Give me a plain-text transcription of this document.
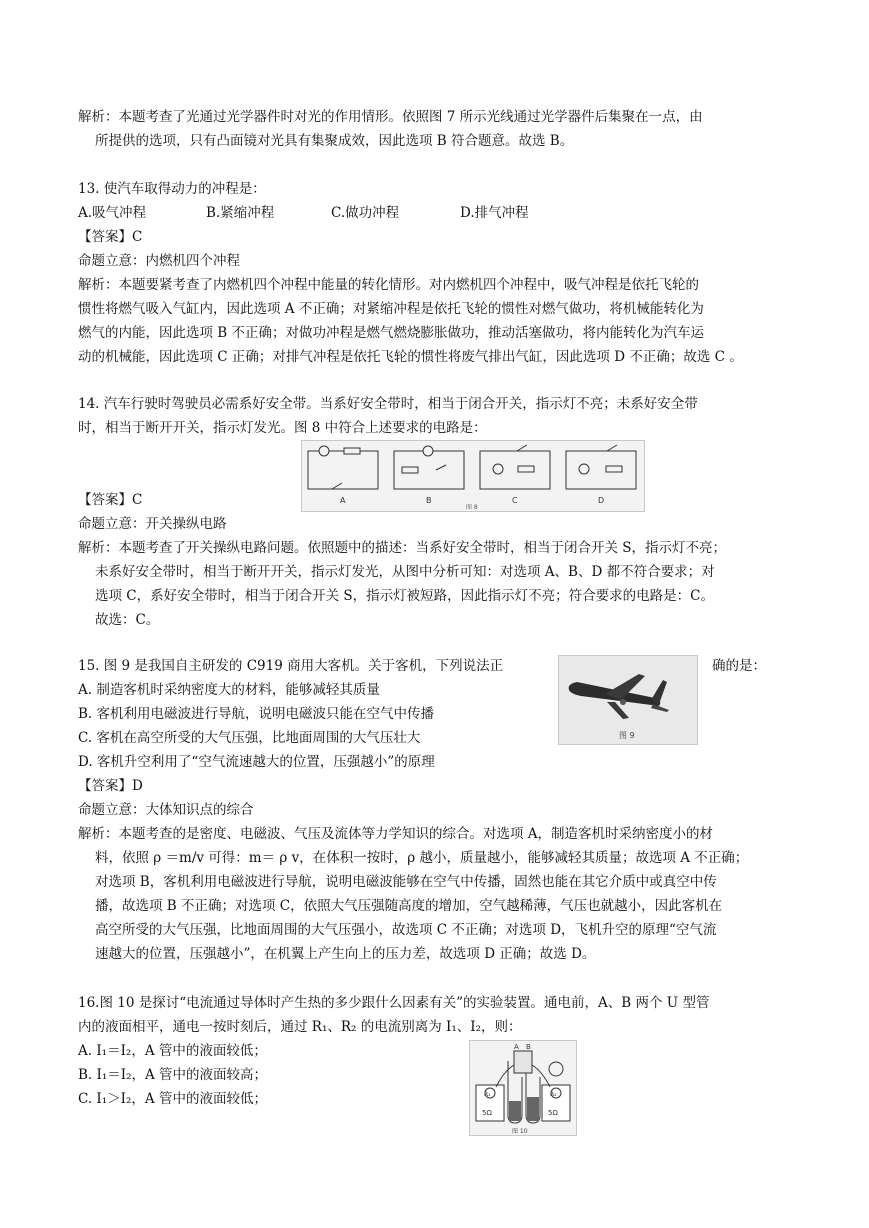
解析：本题考查了光通过光学器件时对光的作用情形。依照图 7 所示光线通过光学器件后集聚在一点，由
所提供的选项，只有凸面镜对光具有集聚成效，因此选项 B 符合题意。故选 B。
13. 使汽车取得动力的冲程是：
A.吸气冲程	B.紧缩冲程	C.做功冲程	D.排气冲程
【答案】C
命题立意：内燃机四个冲程
解析：本题要紧考查了内燃机四个冲程中能量的转化情形。对内燃机四个冲程中，吸气冲程是依托飞轮的
惯性将燃气吸入气缸内，因此选项 A 不正确；对紧缩冲程是依托飞轮的惯性对燃气做功，将机械能转化为
燃气的内能，因此选项 B 不正确；对做功冲程是燃气燃烧膨胀做功，推动活塞做功，将内能转化为汽车运
动的机械能，因此选项 C 正确；对排气冲程是依托飞轮的惯性将废气排出气缸，因此选项 D 不正确；故选 C 。
14. 汽车行驶时驾驶员必需系好安全带。当系好安全带时，相当于闭合开关，指示灯不亮；未系好安全带
时，相当于断开开关，指示灯发光。图 8 中符合上述要求的电路是：
A	B	C	D
图 8
【答案】C
命题立意：开关操纵电路
解析：本题考查了开关操纵电路问题。依照题中的描述：当系好安全带时，相当于闭合开关 S，指示灯不亮；
未系好安全带时，相当于断开开关，指示灯发光，从图中分析可知：对选项 A、B、D 都不符合要求；对
选项 C，系好安全带时，相当于闭合开关 S，指示灯被短路，因此指示灯不亮；符合要求的电路是：C。
故选：C。
15. 图 9 是我国自主研发的 C919 商用大客机。关于客机，下列说法正	确的是：
图 9
A. 制造客机时采纳密度大的材料，能够减轻其质量
B. 客机利用电磁波进行导航，说明电磁波只能在空气中传播
C. 客机在高空所受的大气压强，比地面周围的大气压壮大
D. 客机升空利用了“空气流速越大的位置，压强越小”的原理
【答案】D
命题立意：大体知识点的综合
解析：本题考查的是密度、电磁波、气压及流体等力学知识的综合。对选项 A，制造客机时采纳密度小的材
料，依照 ρ ＝m/v 可得：m＝ ρ v，在体积一按时，ρ 越小，质量越小，能够减轻其质量；故选项 A 不正确；
对选项 B，客机利用电磁波进行导航，说明电磁波能够在空气中传播，固然也能在其它介质中或真空中传
播，故选项 B 不正确；对选项 C，依照大气压强随高度的增加，空气越稀薄，气压也就越小，因此客机在
高空所受的大气压强，比地面周围的大气压强小，故选项 C 不正确；对选项 D，飞机升空的原理“空气流
速越大的位置，压强越小”，在机翼上产生向上的压力差，故选项 D 正确；故选 D。
16.图 10 是探讨“电流通过导体时产生热的多少跟什么因素有关”的实验装置。通电前，A、B 两个 U 型管
内的液面相平，通电一按时刻后，通过 R₁、R₂ 的电流别离为 I₁、I₂，则：
A. I₁＝I₂，A 管中的液面较低；
B. I₁＝I₂，A 管中的液面较高；
C. I₁＞I₂，A 管中的液面较低；
A B
R₁	R₂
5Ω	5Ω
图 10
